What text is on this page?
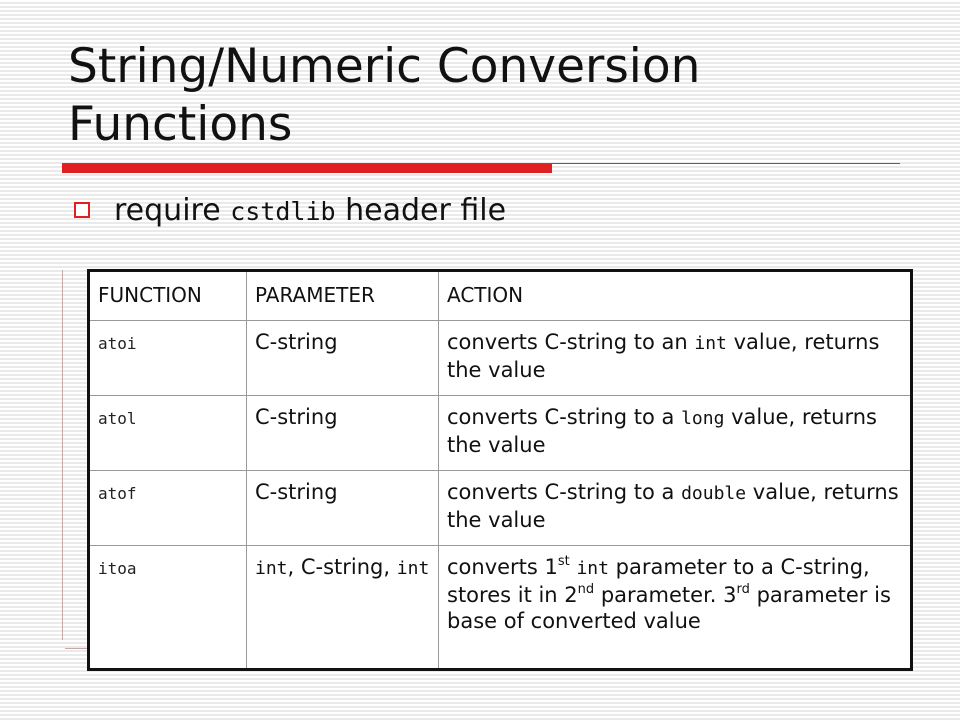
String/Numeric Conversion Functions
require cstdlib header file
FUNCTION	PARAMETER	ACTION
atoi	C-string	converts C-string to an int value, returns the value
atol	C-string	converts C-string to a long value, returns the value
atof	C-string	converts C-string to a double value, returns the value
itoa	int, C-string, int	converts 1st int parameter to a C-string, stores it in 2nd parameter. 3rd parameter is base of converted value
